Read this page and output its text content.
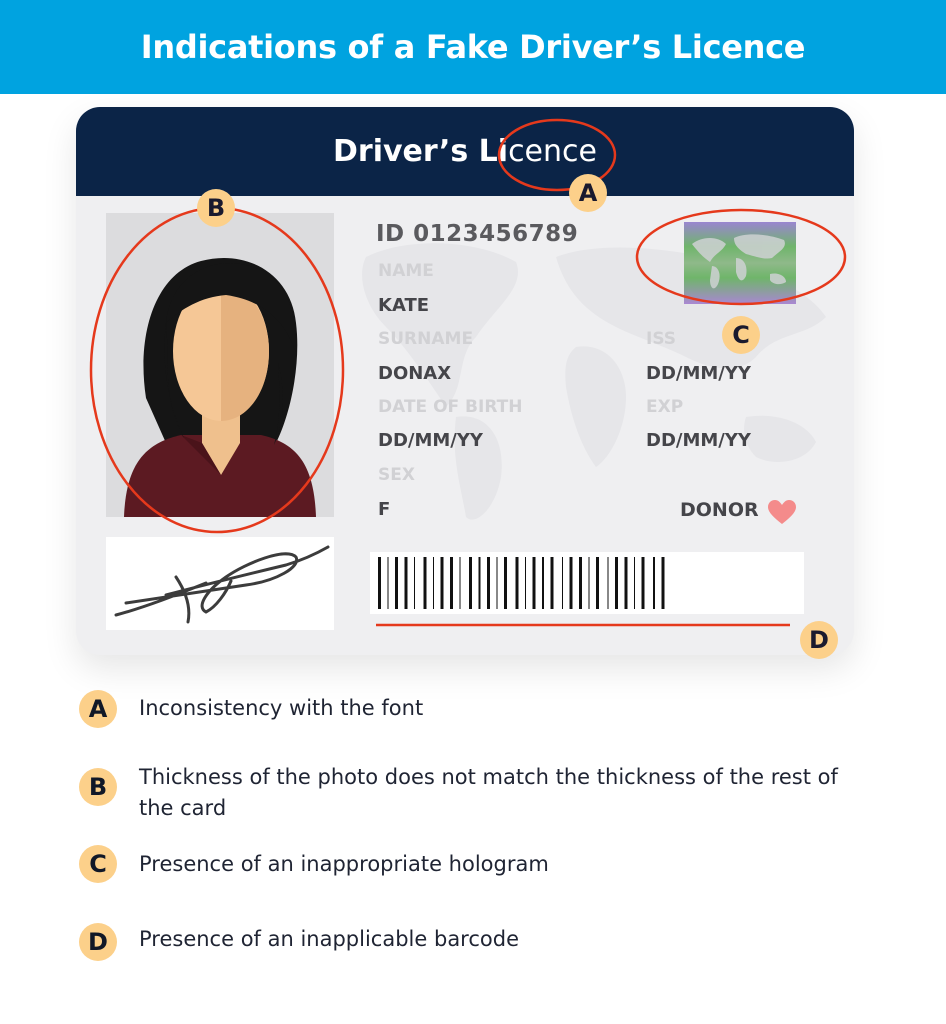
Indications of a Fake Driver’s Licence
Driver’s Licence
ID 0123456789
NAME
KATE
SURNAME
DONAX
DATE OF BIRTH
DD/MM/YY
SEX
F
ISS
DD/MM/YY
EXP
DD/MM/YY
DONOR
A
B
C
D
A	Inconsistency with the font
B	Thickness of the photo does not match the thickness of the rest of the card
C	Presence of an inappropriate hologram
D	Presence of an inapplicable barcode
